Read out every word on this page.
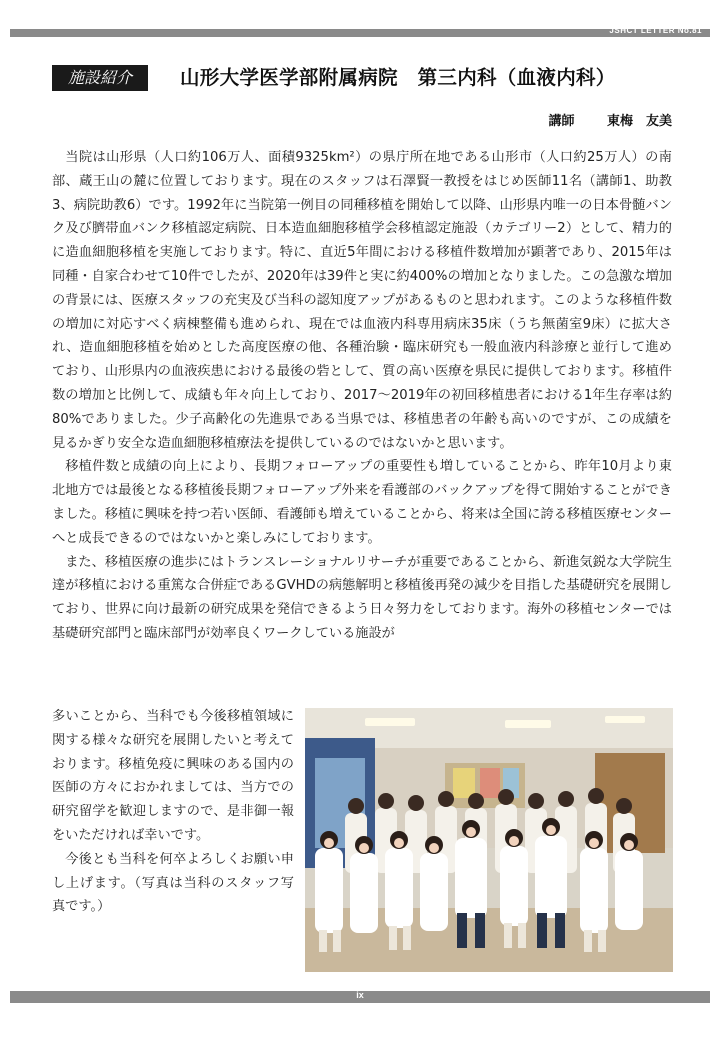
JSHCT LETTER No.81
施設紹介	山形大学医学部附属病院　第三内科（血液内科）
講師	東梅　友美

当院は山形県（人口約106万人、面積9325km²）の県庁所在地である山形市（人口約25万人）の南部、蔵王山の麓に位置しております。現在のスタッフは石澤賢一教授をはじめ医師11名（講師1、助教3、病院助教6）です。1992年に当院第一例目の同種移植を開始して以降、山形県内唯一の日本骨髄バンク及び臍帯血バンク移植認定病院、日本造血細胞移植学会移植認定施設（カテゴリー2）として、精力的に造血細胞移植を実施しております。特に、直近5年間における移植件数増加が顕著であり、2015年は同種・自家合わせて10件でしたが、2020年は39件と実に約400%の増加となりました。この急激な増加の背景には、医療スタッフの充実及び当科の認知度アップがあるものと思われます。このような移植件数の増加に対応すべく病棟整備も進められ、現在では血液内科専用病床35床（うち無菌室9床）に拡大され、造血細胞移植を始めとした高度医療の他、各種治験・臨床研究も一般血液内科診療と並行して進めており、山形県内の血液疾患における最後の砦として、質の高い医療を県民に提供しております。移植件数の増加と比例して、成績も年々向上しており、2017～2019年の初回移植患者における1年生存率は約80%でありました。少子高齢化の先進県である当県では、移植患者の年齢も高いのですが、この成績を見るかぎり安全な造血細胞移植療法を提供しているのではないかと思います。

移植件数と成績の向上により、長期フォローアップの重要性も増していることから、昨年10月より東北地方では最後となる移植後長期フォローアップ外来を看護部のバックアップを得て開始することができました。移植に興味を持つ若い医師、看護師も増えていることから、将来は全国に誇る移植医療センターへと成長できるのではないかと楽しみにしております。

また、移植医療の進歩にはトランスレーショナルリサーチが重要であることから、新進気鋭な大学院生達が移植における重篤な合併症であるGVHDの病態解明と移植後再発の減少を目指した基礎研究を展開しており、世界に向け最新の研究成果を発信できるよう日々努力をしております。海外の移植センターでは基礎研究部門と臨床部門が効率良くワークしている施設が

多いことから、当科でも今後移植領域に関する様々な研究を展開したいと考えております。移植免疫に興味のある国内の医師の方々におかれましては、当方での研究留学を歓迎しますので、是非御一報をいただければ幸いです。

今後とも当科を何卒よろしくお願い申し上げます。（写真は当科のスタッフ写真です。）

ix
